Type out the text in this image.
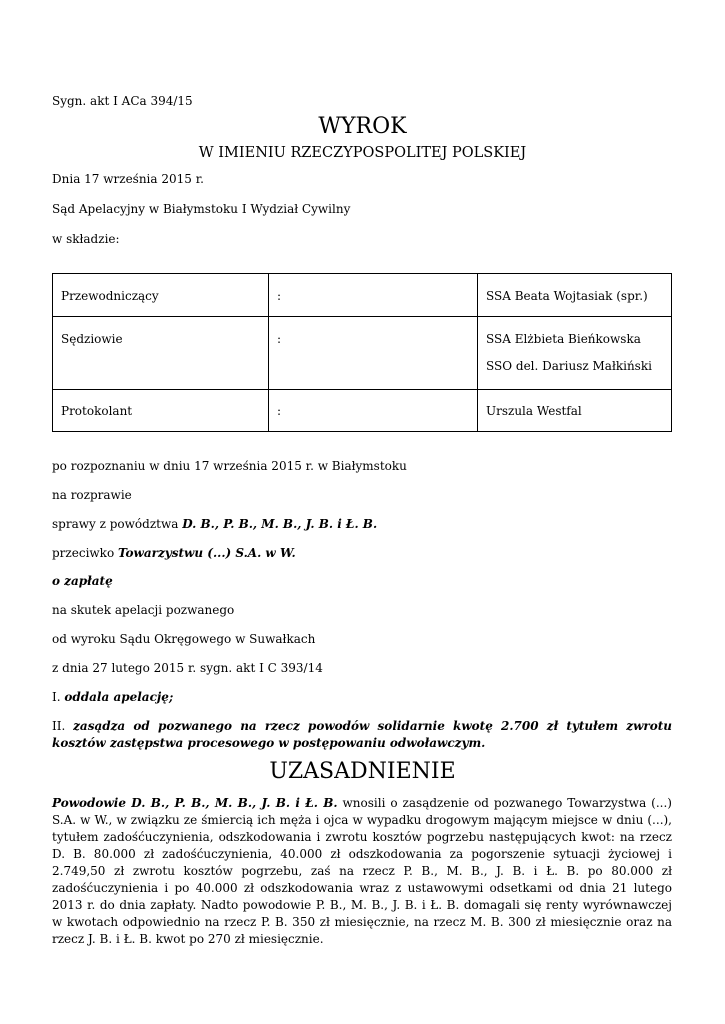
Sygn. akt I ACa 394/15
WYROK
W IMIENIU RZECZYPOSPOLITEJ POLSKIEJ
Dnia 17 września 2015 r.
Sąd Apelacyjny w Białymstoku I Wydział Cywilny
w składzie:
Przewodniczący	:	SSA Beata Wojtasiak (spr.)

Sędziowie	:	SSA Elżbieta Bieńkowska
SSO del. Dariusz Małkiński

Protokolant	:	Urszula Westfal
po rozpoznaniu w dniu 17 września 2015 r. w Białymstoku
na rozprawie
sprawy z powództwa D. B., P. B., M. B., J. B. i Ł. B.
przeciwko Towarzystwu (...) S.A. w W.
o zapłatę
na skutek apelacji pozwanego
od wyroku Sądu Okręgowego w Suwałkach
z dnia 27 lutego 2015 r. sygn. akt I C 393/14
I. oddala apelację;
II. zasądza od pozwanego na rzecz powodów solidarnie kwotę 2.700 zł tytułem zwrotu kosztów zastępstwa procesowego w postępowaniu odwoławczym.
UZASADNIENIE
Powodowie D. B., P. B., M. B., J. B. i Ł. B. wnosili o zasądzenie od pozwanego Towarzystwa (...) S.A. w W., w związku ze śmiercią ich męża i ojca w wypadku drogowym mającym miejsce w dniu (...), tytułem zadośćuczynienia, odszkodowania i zwrotu kosztów pogrzebu następujących kwot: na rzecz D. B. 80.000 zł zadośćuczynienia, 40.000 zł odszkodowania za pogorszenie sytuacji życiowej i 2.749,50 zł zwrotu kosztów pogrzebu, zaś na rzecz P. B., M. B., J. B. i Ł. B. po 80.000 zł zadośćuczynienia i po 40.000 zł odszkodowania wraz z ustawowymi odsetkami od dnia 21 lutego 2013 r. do dnia zapłaty. Nadto powodowie P. B., M. B., J. B. i Ł. B. domagali się renty wyrównawczej w kwotach odpowiednio na rzecz P. B. 350 zł miesięcznie, na rzecz M. B. 300 zł miesięcznie oraz na rzecz J. B. i Ł. B. kwot po 270 zł miesięcznie.
